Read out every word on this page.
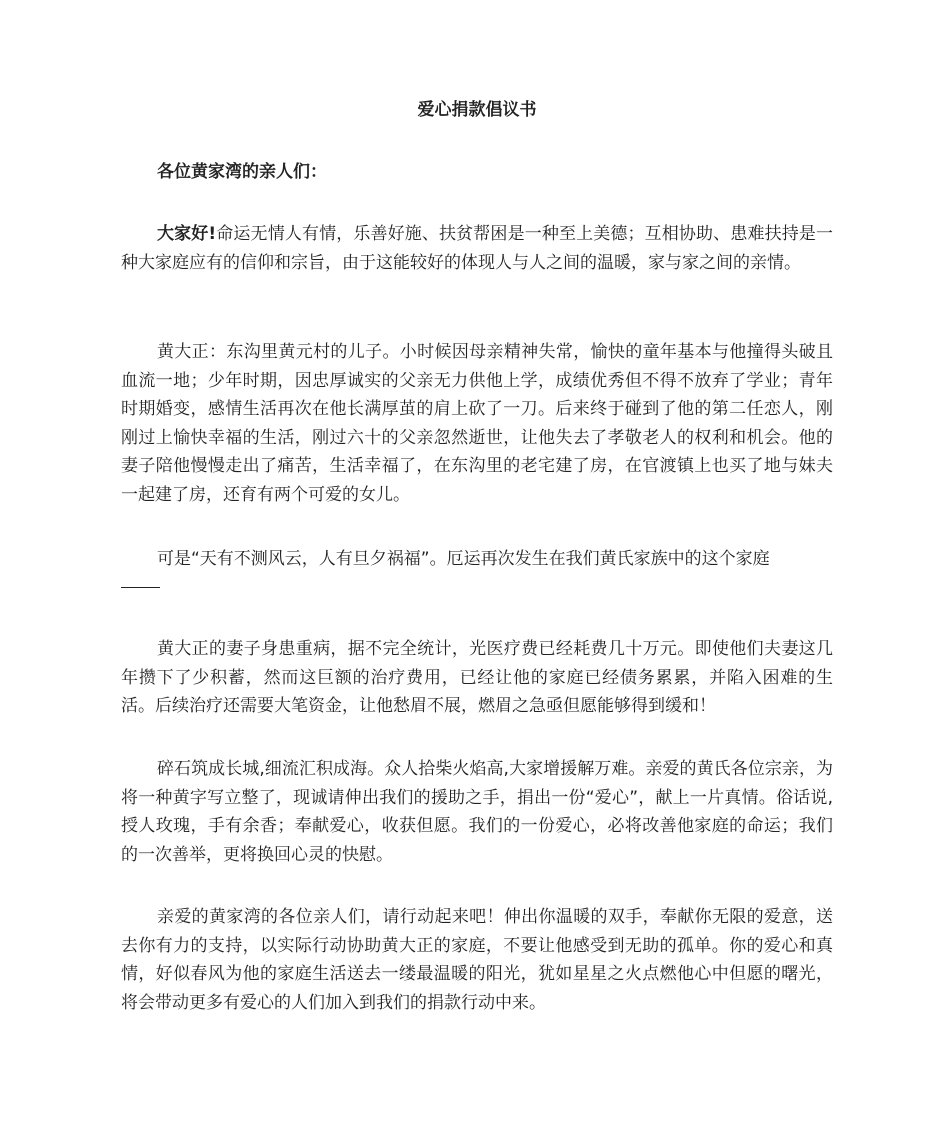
爱心捐款倡议书

各位黄家湾的亲人们：

大家好!命运无情人有情，乐善好施、扶贫帮困是一种至上美德；互相协助、患难扶持是一种大家庭应有的信仰和宗旨，由于这能较好的体现人与人之间的温暖，家与家之间的亲情。

黄大正：东沟里黄元村的儿子。小时候因母亲精神失常，愉快的童年基本与他撞得头破且血流一地；少年时期，因忠厚诚实的父亲无力供他上学，成绩优秀但不得不放弃了学业；青年时期婚变，感情生活再次在他长满厚茧的肩上砍了一刀。后来终于碰到了他的第二任恋人，刚刚过上愉快幸福的生活，刚过六十的父亲忽然逝世，让他失去了孝敬老人的权利和机会。他的妻子陪他慢慢走出了痛苦，生活幸福了，在东沟里的老宅建了房，在官渡镇上也买了地与妹夫一起建了房，还育有两个可爱的女儿。

可是“天有不测风云，人有旦夕祸福”。厄运再次发生在我们黄氏家族中的这个家庭

黄大正的妻子身患重病，据不完全统计，光医疗费已经耗费几十万元。即使他们夫妻这几年攒下了少积蓄，然而这巨额的治疗费用，已经让他的家庭已经债务累累，并陷入困难的生活。后续治疗还需要大笔资金，让他愁眉不展，燃眉之急亟但愿能够得到缓和！

碎石筑成长城,细流汇积成海。众人拾柴火焰高,大家增援解万难。亲爱的黄氏各位宗亲，为将一种黄字写立整了，现诚请伸出我们的援助之手，捐出一份“爱心”，献上一片真情。俗话说,授人玫瑰，手有余香；奉献爱心，收获但愿。我们的一份爱心，必将改善他家庭的命运；我们的一次善举，更将换回心灵的快慰。

亲爱的黄家湾的各位亲人们，请行动起来吧！伸出你温暖的双手，奉献你无限的爱意，送去你有力的支持，以实际行动协助黄大正的家庭，不要让他感受到无助的孤单。你的爱心和真情，好似春风为他的家庭生活送去一缕最温暖的阳光，犹如星星之火点燃他心中但愿的曙光，将会带动更多有爱心的人们加入到我们的捐款行动中来。
